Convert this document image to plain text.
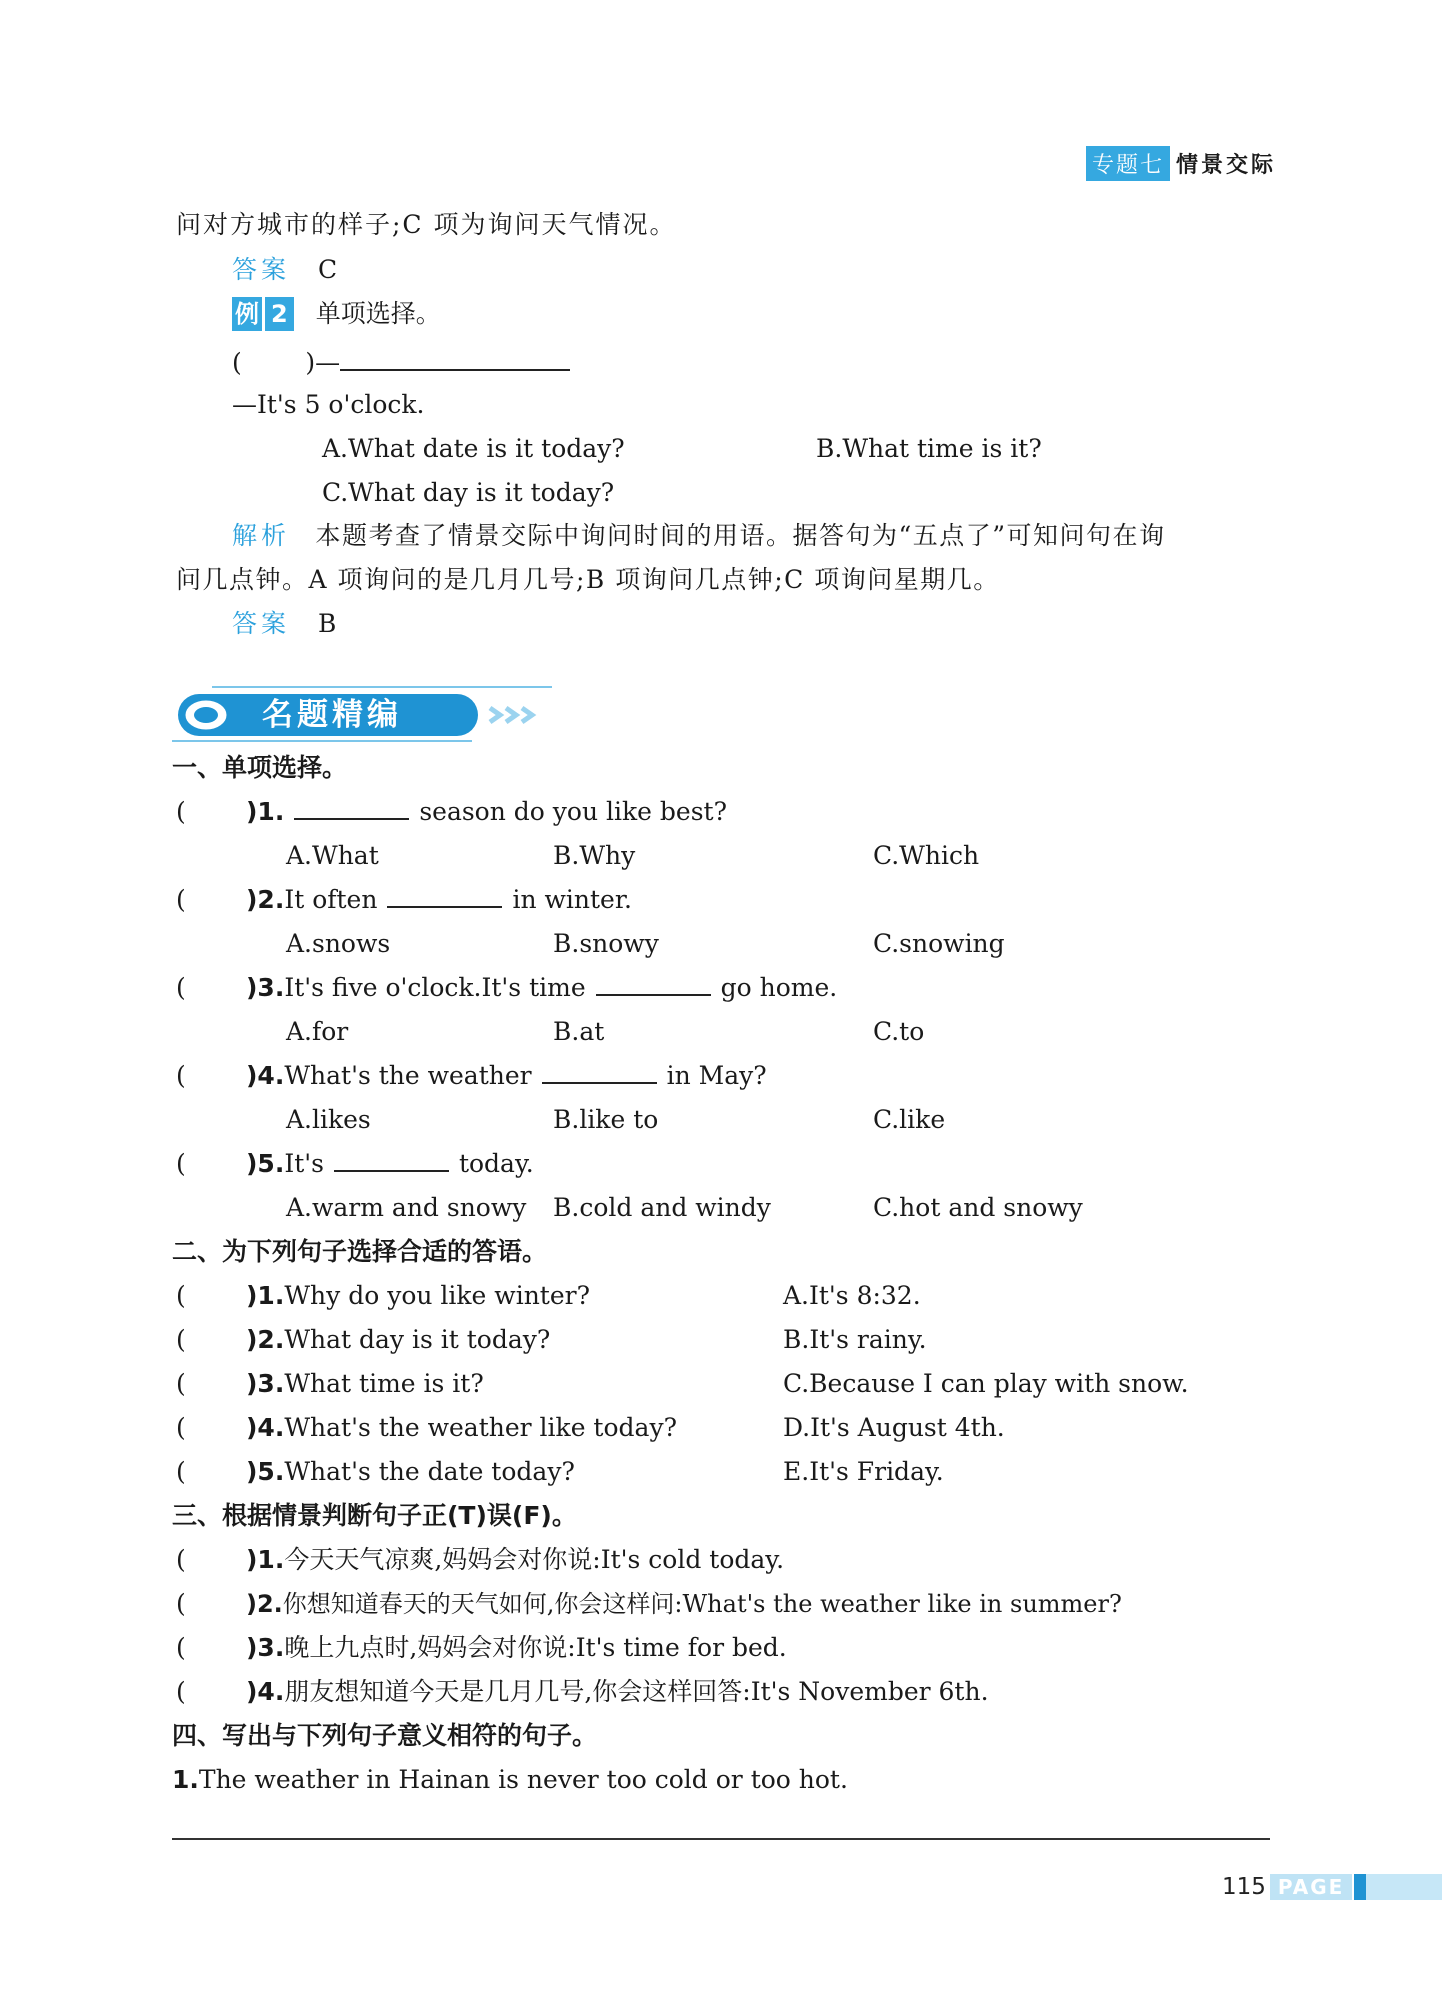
专题七 情景交际
问对方城市的样子;C 项为询问天气情况。
答案 C
例 2 单项选择。
(        )—
—It's 5 o'clock.
A.What date is it today?	B.What time is it?
C.What day is it today?
解析 本题考查了情景交际中询问时间的用语。据答句为“五点了”可知问句在询
问几点钟。A 项询问的是几月几号;B 项询问几点钟;C 项询问星期几。
答案 B
名题精编
一、单项选择。
(	)1.	season do you like best?
A.What	B.Why	C.Which
(	)2.It often	in winter.
A.snows	B.snowy	C.snowing
(	)3.It's five o'clock.It's time	go home.
A.for	B.at	C.to
(	)4.What's the weather	in May?
A.likes	B.like to	C.like
(	)5.It's	today.
A.warm and snowy B.cold and windy	C.hot and snowy
二、为下列句子选择合适的答语。
(	)1.Why do you like winter?	A.It's 8:32.
(	)2.What day is it today?	B.It's rainy.
(	)3.What time is it?	C.Because I can play with snow.
(	)4.What's the weather like today?	D.It's August 4th.
(	)5.What's the date today?	E.It's Friday.
三、根据情景判断句子正(T)误(F)。
(	)1.今天天气凉爽,妈妈会对你说:It's cold today.
(	)2.你想知道春天的天气如何,你会这样问:What's the weather like in summer?
(	)3.晚上九点时,妈妈会对你说:It's time for bed.
(	)4.朋友想知道今天是几月几号,你会这样回答:It's November 6th.
四、写出与下列句子意义相符的句子。
1.The weather in Hainan is never too cold or too hot.
115 PAGE
